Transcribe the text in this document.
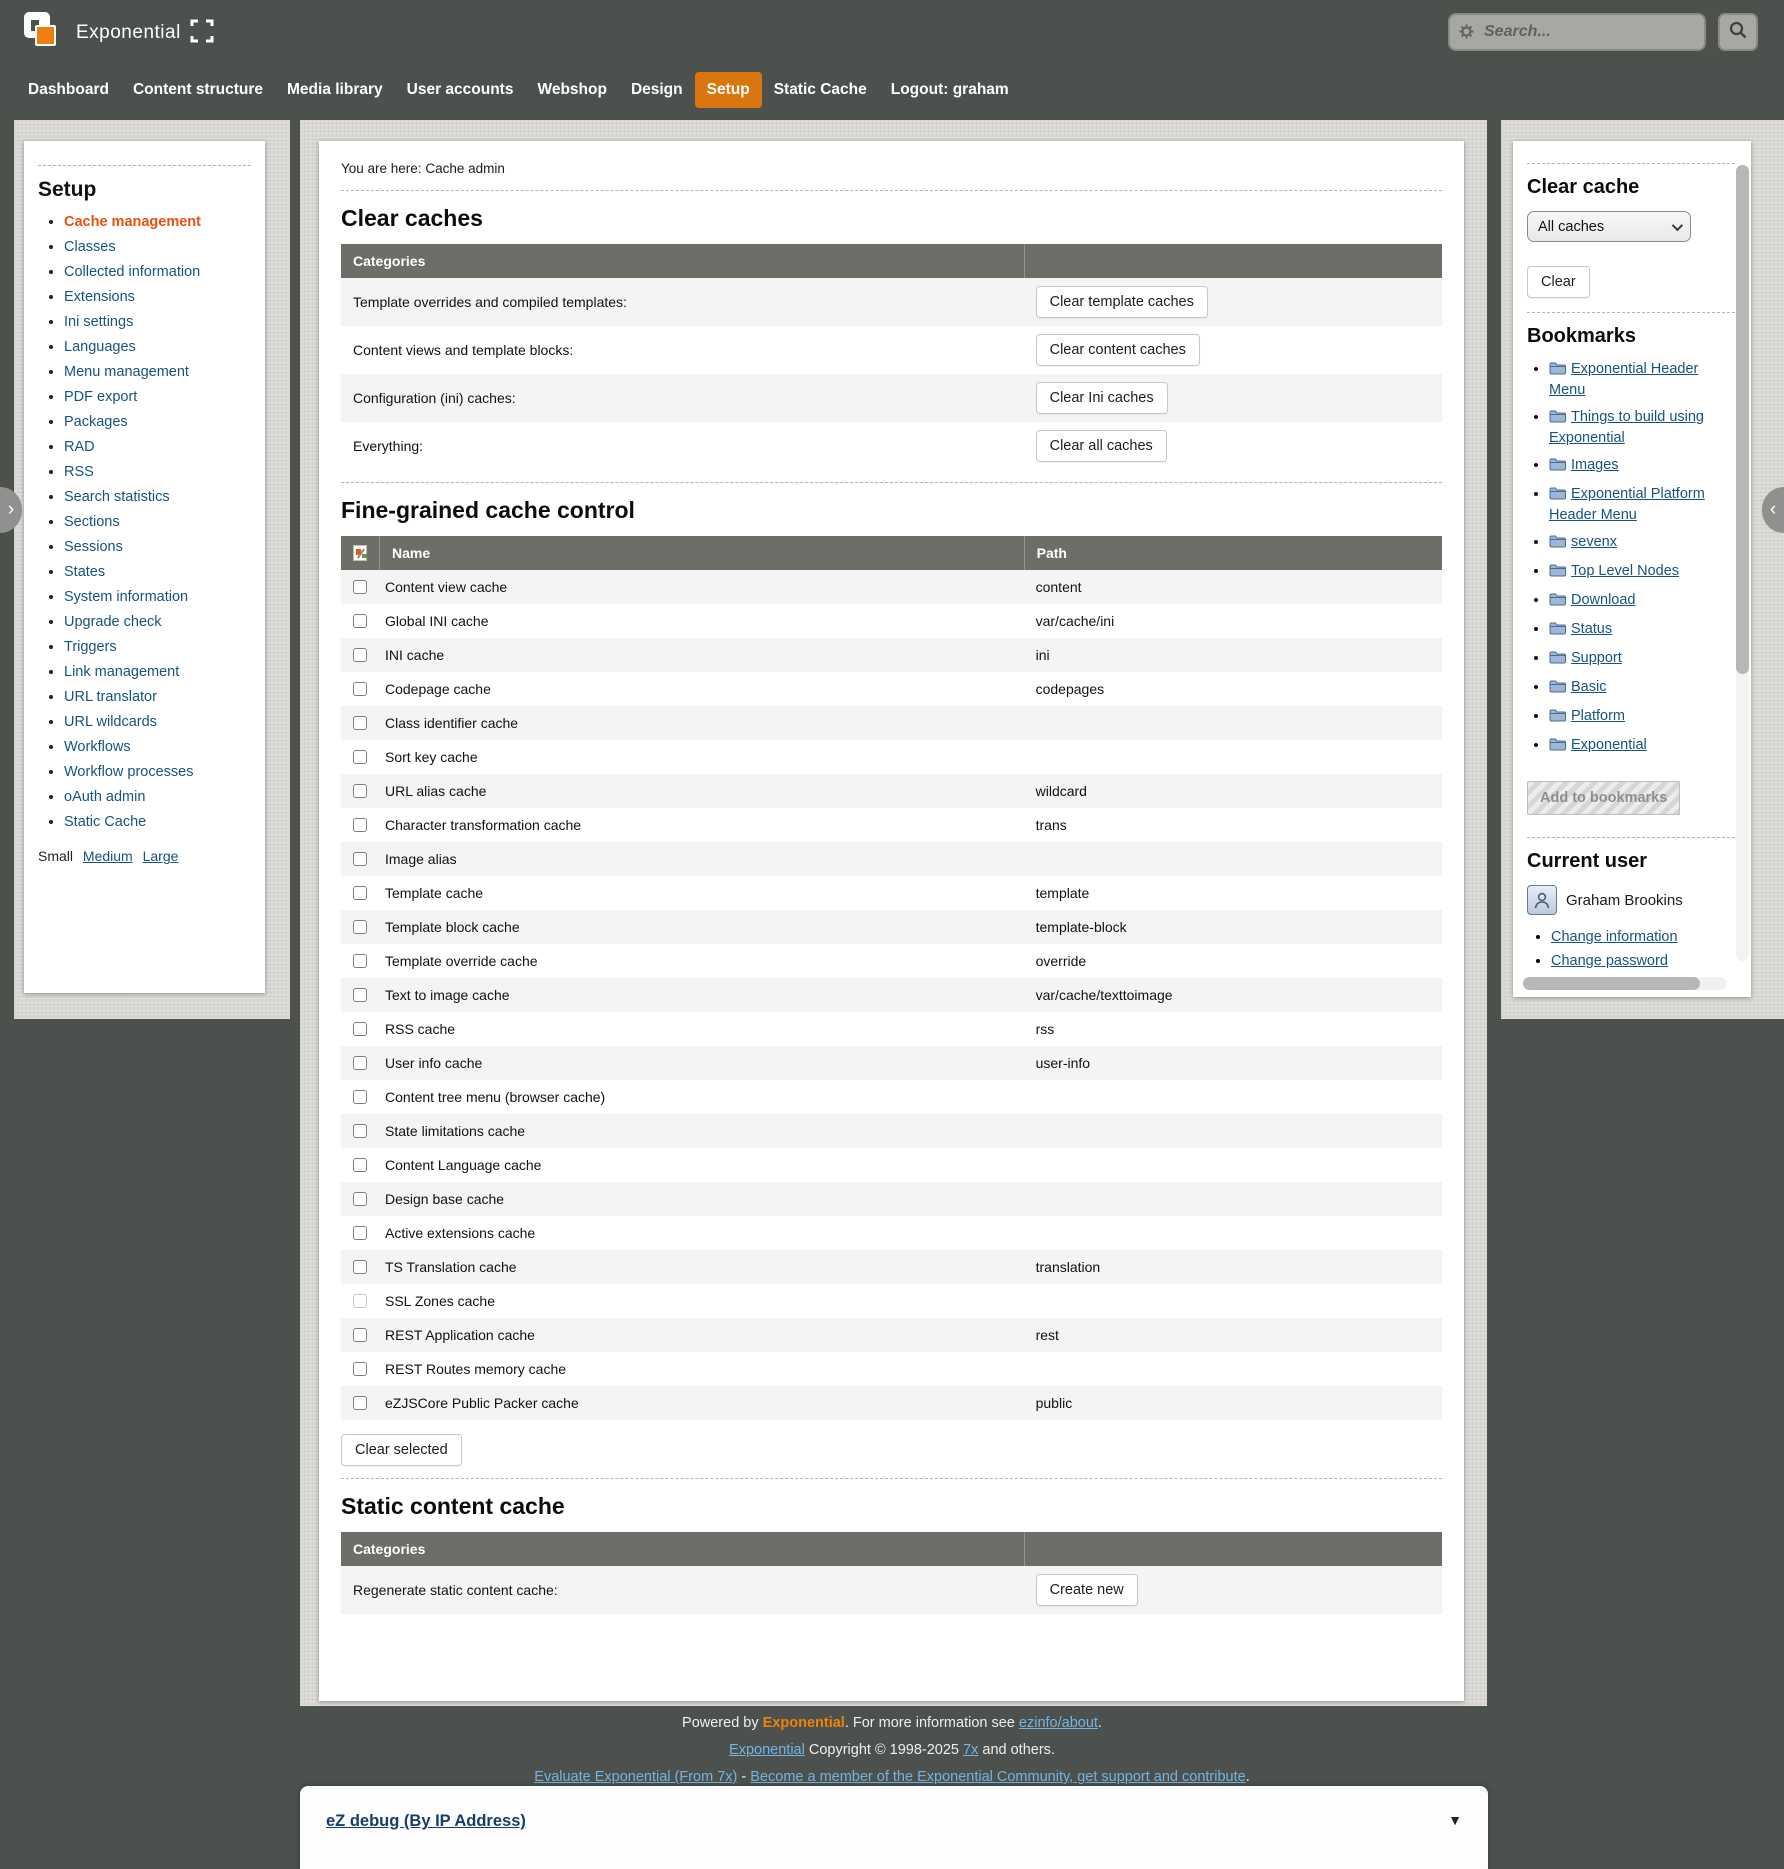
Exponential
Search...
Dashboard	Content structure	Media library	User accounts	Webshop	Design	Setup	Static Cache	Logout: graham
Setup
• Cache management
• Classes
• Collected information
• Extensions
• Ini settings
• Languages
• Menu management
• PDF export
• Packages
• RAD
• RSS
• Search statistics
• Sections
• Sessions
• States
• System information
• Upgrade check
• Triggers
• Link management
• URL translator
• URL wildcards
• Workflows
• Workflow processes
• oAuth admin
• Static Cache
Small Medium Large
You are here: Cache admin
Clear caches
Categories
Template overrides and compiled templates:	Clear template caches
Content views and template blocks:	Clear content caches
Configuration (ini) caches:	Clear Ini caches
Everything:	Clear all caches
Fine-grained cache control
Name	Path
Content view cache	content
Global INI cache	var/cache/ini
INI cache	ini
Codepage cache	codepages
Class identifier cache
Sort key cache
URL alias cache	wildcard
Character transformation cache	trans
Image alias
Template cache	template
Template block cache	template-block
Template override cache	override
Text to image cache	var/cache/texttoimage
RSS cache	rss
User info cache	user-info
Content tree menu (browser cache)
State limitations cache
Content Language cache
Design base cache
Active extensions cache
TS Translation cache	translation
SSL Zones cache
REST Application cache	rest
REST Routes memory cache
eZJSCore Public Packer cache	public
Clear selected
Static content cache
Categories
Regenerate static content cache:	Create new
Clear cache
All caches
Clear
Bookmarks
• Exponential Header Menu
• Things to build using Exponential
• Images
• Exponential Platform Header Menu
• sevenx
• Top Level Nodes
• Download
• Status
• Support
• Basic
• Platform
• Exponential
Add to bookmarks
Current user
Graham Brookins
• Change information
• Change password
›	‹
Powered by Exponential. For more information see ezinfo/about.
Exponential Copyright © 1998-2025 7x and others.
Evaluate Exponential (From 7x) - Become a member of the Exponential Community, get support and contribute.
eZ debug (By IP Address)	▼
